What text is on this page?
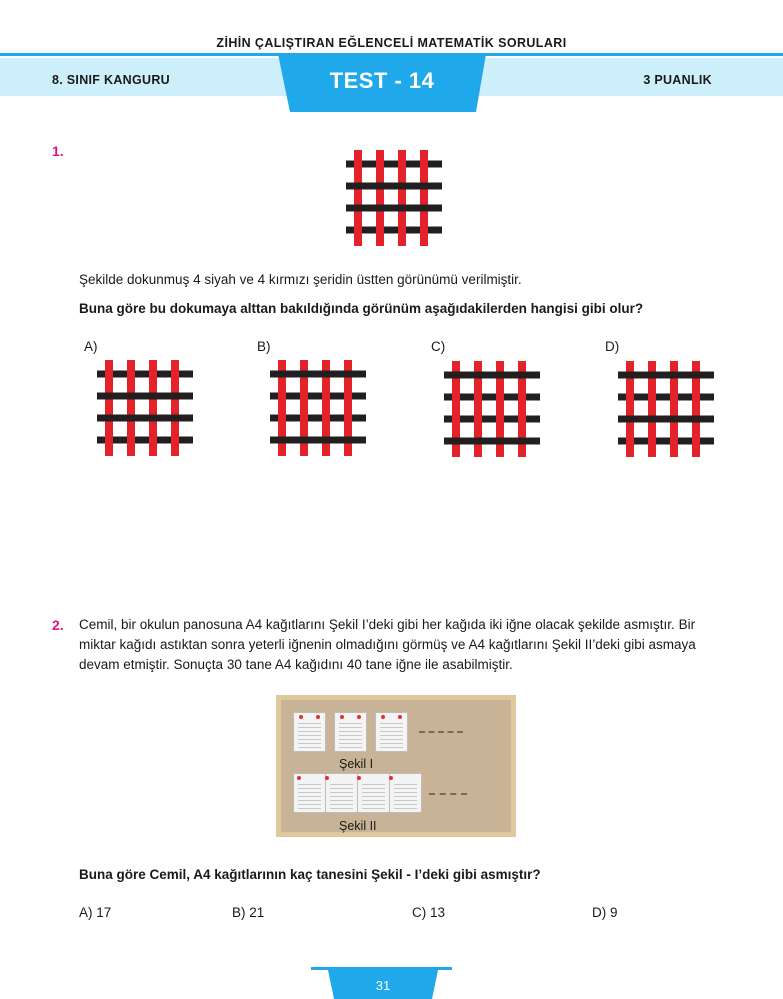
ZİHİN ÇALIŞTIRAN EĞLENCELİ MATEMATİK SORULARI
8. SINIF KANGURU	3 PUANLIK
TEST - 14
1.
Şekilde dokunmuş 4 siyah ve 4 kırmızı şeridin üstten görünümü verilmiştir.
Buna göre bu dokumaya alttan bakıldığında görünüm aşağıdakilerden hangisi gibi olur?
A)	B)	C)	D)
2. Cemil, bir okulun panosuna A4 kağıtlarını Şekil I’deki gibi her kağıda iki iğne olacak şekilde asmıştır. Bir
miktar kağıdı astıktan sonra yeterli iğnenin olmadığını görmüş ve A4 kağıtlarını Şekil II’deki gibi asmaya
devam etmiştir. Sonuçta 30 tane A4 kağıdını 40 tane iğne ile asabilmiştir.
Şekil I
Şekil II
Buna göre Cemil, A4 kağıtlarının kaç tanesini Şekil - I’deki gibi asmıştır?
A) 17	B) 21	C) 13	D) 9
31
